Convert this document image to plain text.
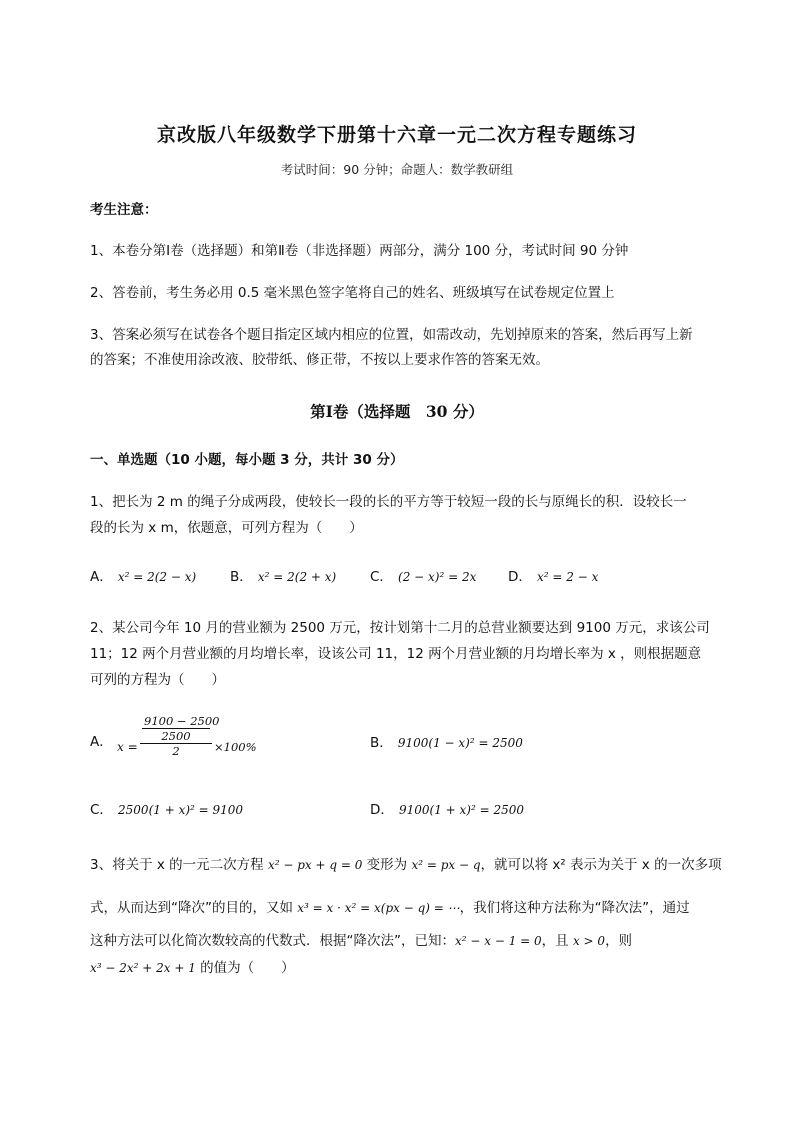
京改版八年级数学下册第十六章一元二次方程专题练习
考试时间：90 分钟；命题人：数学教研组
考生注意：
1、本卷分第Ⅰ卷（选择题）和第Ⅱ卷（非选择题）两部分，满分 100 分，考试时间 90 分钟
2、答卷前，考生务必用 0.5 毫米黑色签字笔将自己的姓名、班级填写在试卷规定位置上
3、答案必须写在试卷各个题目指定区域内相应的位置，如需改动，先划掉原来的答案，然后再写上新
的答案；不准使用涂改液、胶带纸、修正带，不按以上要求作答的答案无效。
第Ⅰ卷（选择题　30 分）
一、单选题（10 小题，每小题 3 分，共计 30 分）
1、把长为 2 m 的绳子分成两段，使较长一段的长的平方等于较短一段的长与原绳长的积．设较长一
段的长为 x m，依题意，可列方程为（　　）
A． x² = 2(2 − x)	B． x² = 2(2 + x)	C． (2 − x)² = 2x D． x² = 2 − x
2、某公司今年 10 月的营业额为 2500 万元，按计划第十二月的总营业额要达到 9100 万元，求该公司
11；12 两个月营业额的月均增长率，设该公司 11，12 两个月营业额的月均增长率为 x ，则根据题意
可列的方程为（　　）
A． $x = \frac{\frac{9100 - 2500}{2500}}{2} \times 100\%$	B． 9100(1 − x)² = 2500
C． 2500(1 + x)² = 9100	D． 9100(1 + x)² = 2500
3、将关于 x 的一元二次方程 x² − px + q = 0 变形为 x² = px − q，就可以将 x² 表示为关于 x 的一次多项
式，从而达到“降次”的目的，又如 x³ = x · x² = x(px − q) = ⋯，我们将这种方法称为“降次法”，通过
这种方法可以化简次数较高的代数式．根据“降次法”，已知：x² − x − 1 = 0，且 x > 0，则
x³ − 2x² + 2x + 1 的值为（　　）
